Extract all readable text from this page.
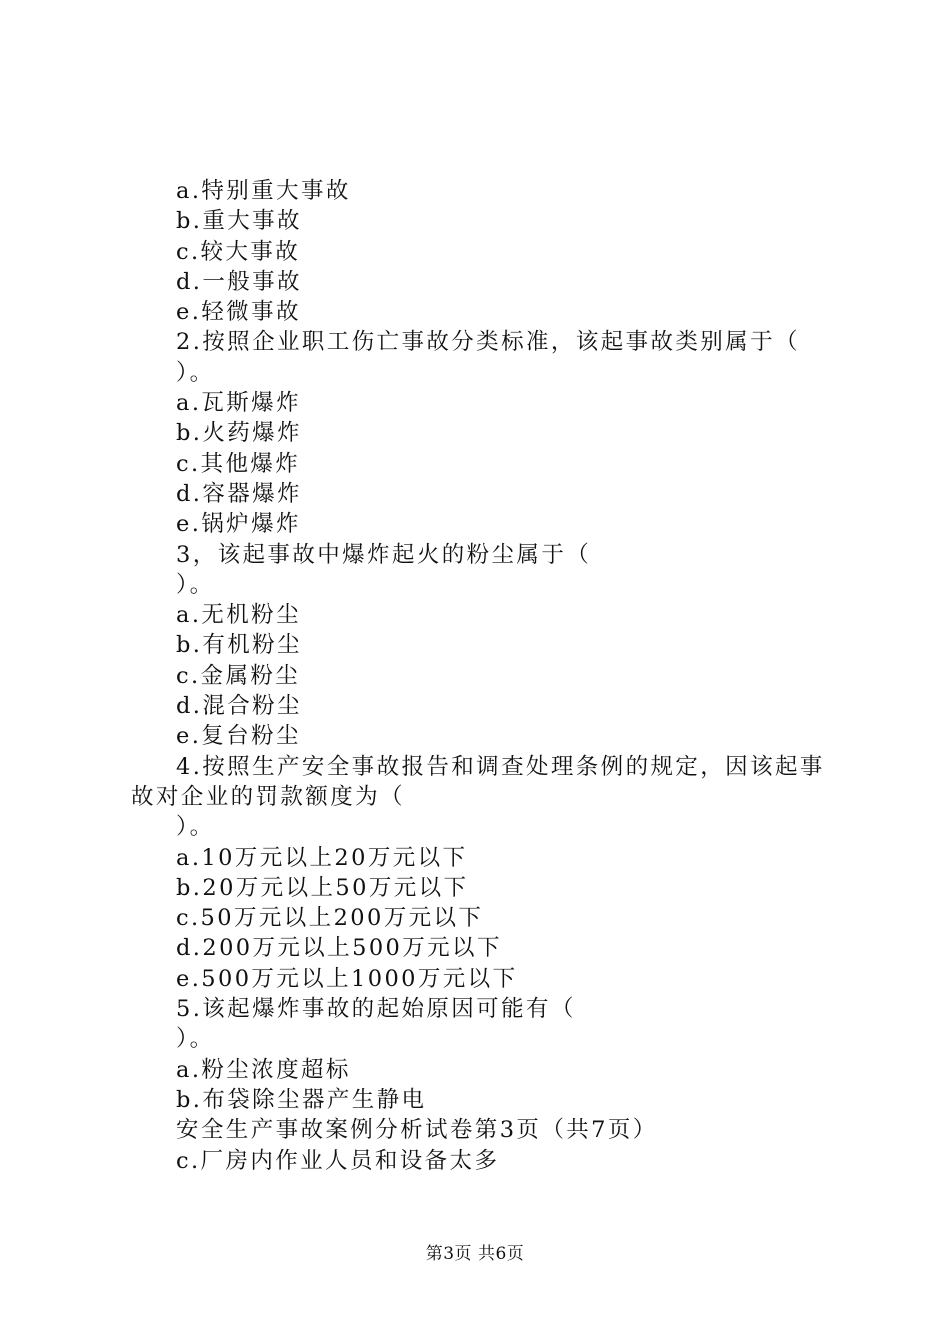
a.特别重大事故
b.重大事故
c.较大事故
d.一般事故
e.轻微事故
2.按照企业职工伤亡事故分类标准，该起事故类别属于（
）。
a.瓦斯爆炸
b.火药爆炸
c.其他爆炸
d.容器爆炸
e.锅炉爆炸
3，该起事故中爆炸起火的粉尘属于（
）。
a.无机粉尘
b.有机粉尘
c.金属粉尘
d.混合粉尘
e.复台粉尘
4.按照生产安全事故报告和调查处理条例的规定，因该起事
故对企业的罚款额度为（
）。
a.10万元以上20万元以下
b.20万元以上50万元以下
c.50万元以上200万元以下
d.200万元以上500万元以下
e.500万元以上1000万元以下
5.该起爆炸事故的起始原因可能有（
）。
a.粉尘浓度超标
b.布袋除尘器产生静电
安全生产事故案例分析试卷第3页（共7页）
c.厂房内作业人员和设备太多
第3页 共6页
